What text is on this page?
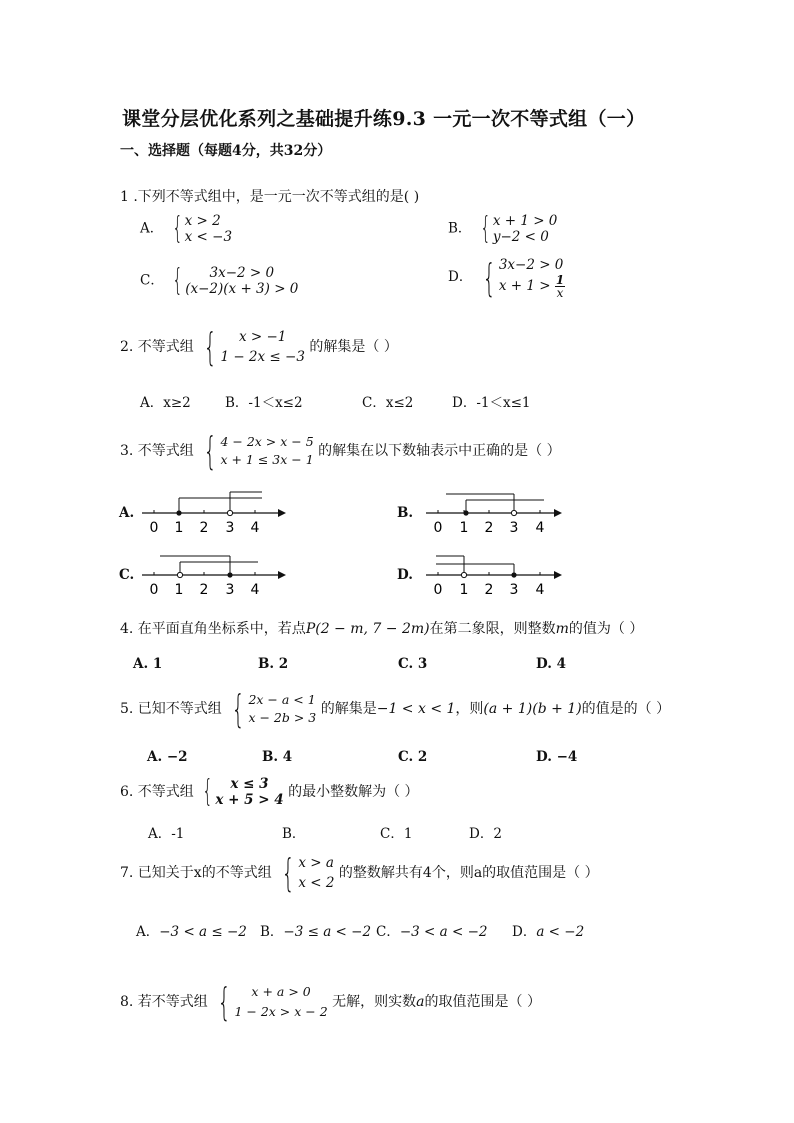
课堂分层优化系列之基础提升练9.3 一元一次不等式组（一）
一、选择题（每题4分，共32分）
1 .下列不等式组中，是一元一次不等式组的是( )
A． { x > 2
x < −3
B． { x + 1 > 0
y−2 < 0
C． { 3x−2 > 0
(x−2)(x + 3) > 0
D． { 3x−2 > 0
$x + 1 > \frac{1}{x}$
2. 不等式组 { x > −1
1 − 2x ≤ −3
的解集是（ ）
A．x≥2	B．-1＜x≤2	C．x≤2	D．-1＜x≤1
3. 不等式组 { 4 − 2x > x − 5
x + 1 ≤ 3x − 1
的解集在以下数轴表示中正确的是（ ）
A.	B.
C.	D.
0 1 2 3 4	0 1 2 3 4
0 1 2 3 4	0 1 2 3 4
4. 在平面直角坐标系中，若点P(2 − m, 7 − 2m)在第二象限，则整数m的值为（ ）
A. 1	B. 2	C. 3	D. 4
5. 已知不等式组 { 2x − a < 1
x − 2b > 3
的解集是−1 < x < 1，则(a + 1)(b + 1)的值是的（ ）
A. −2	B. 4	C. 2	D. −4
6. 不等式组 { x ≤ 3
x + 5 > 4 的最小整数解为（ ）
A．-1	B．	C．1	D．2
7. 已知关于x的不等式组 { x > a
x < 2
的整数解共有4个，则a的取值范围是（ ）
A．−3 < a ≤ −2 B．−3 ≤ a < −2 C．−3 < a < −2 D．a < −2
8. 若不等式组 { x + a > 0
1 − 2x > x − 2
无解，则实数a的取值范围是（ ）
